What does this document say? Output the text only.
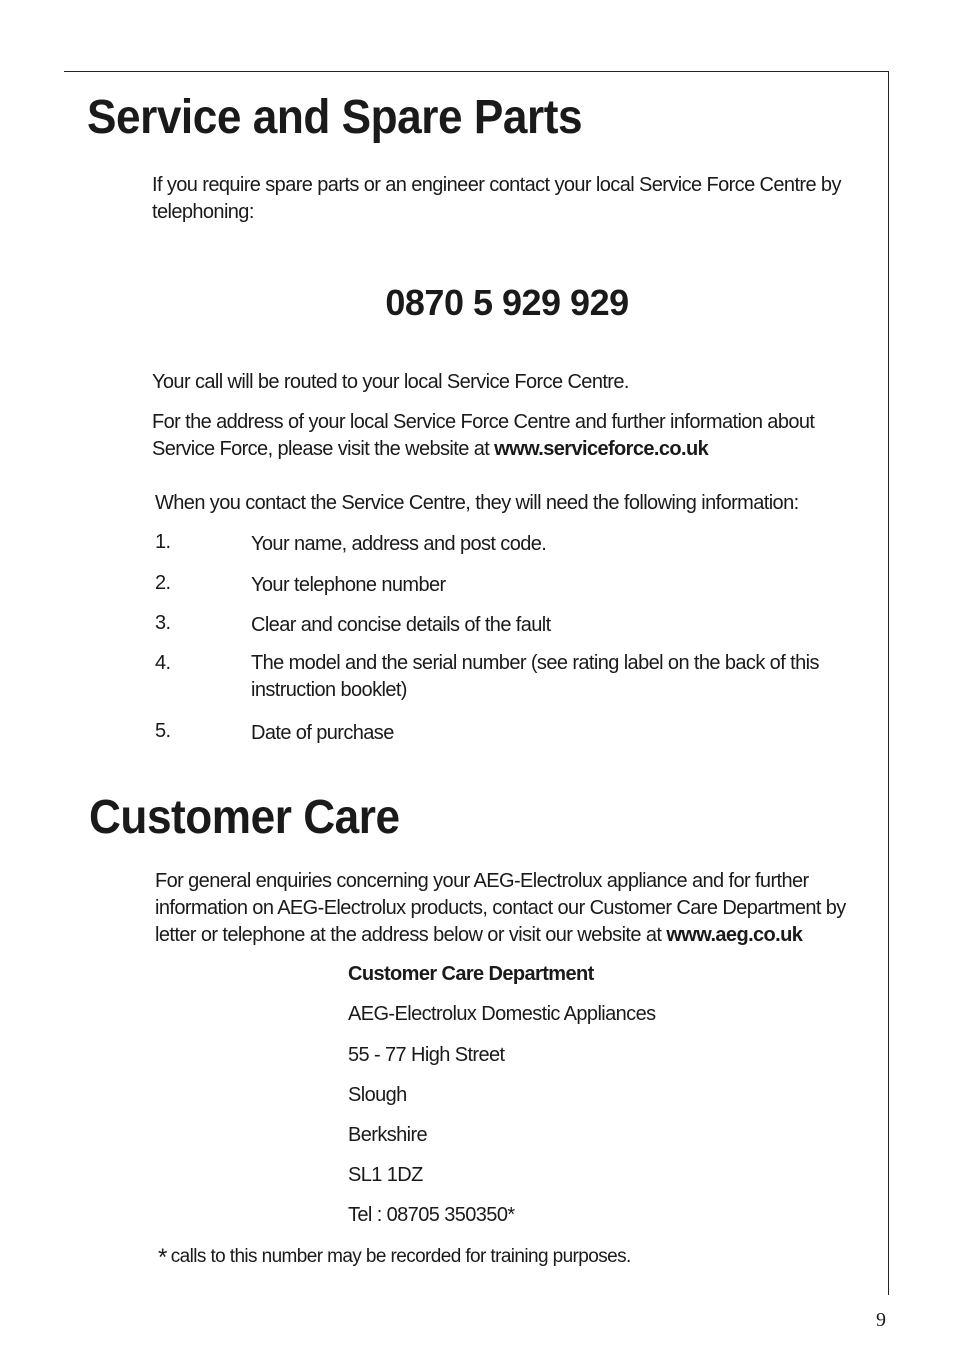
Service and Spare Parts

If you require spare parts or an engineer contact your local Service Force Centre by telephoning:

0870 5 929 929

Your call will be routed to your local Service Force Centre.

For the address of your local Service Force Centre and further information about Service Force, please visit the website at www.serviceforce.co.uk

When you contact the Service Centre, they will need the following information:

1.	Your name, address and post code.
2.	Your telephone number
3.	Clear and concise details of the fault
4.	The model and the serial number (see rating label on the back of this instruction booklet)
5.	Date of purchase
Customer Care

For general enquiries concerning your AEG-Electrolux appliance and for further information on AEG-Electrolux products, contact our Customer Care Department by letter or telephone at the address below or visit our website at www.aeg.co.uk

Customer Care Department
AEG-Electrolux Domestic Appliances
55 - 77 High Street
Slough
Berkshire
SL1 1DZ
Tel : 08705 350350*
* calls to this number may be recorded for training purposes.
9
